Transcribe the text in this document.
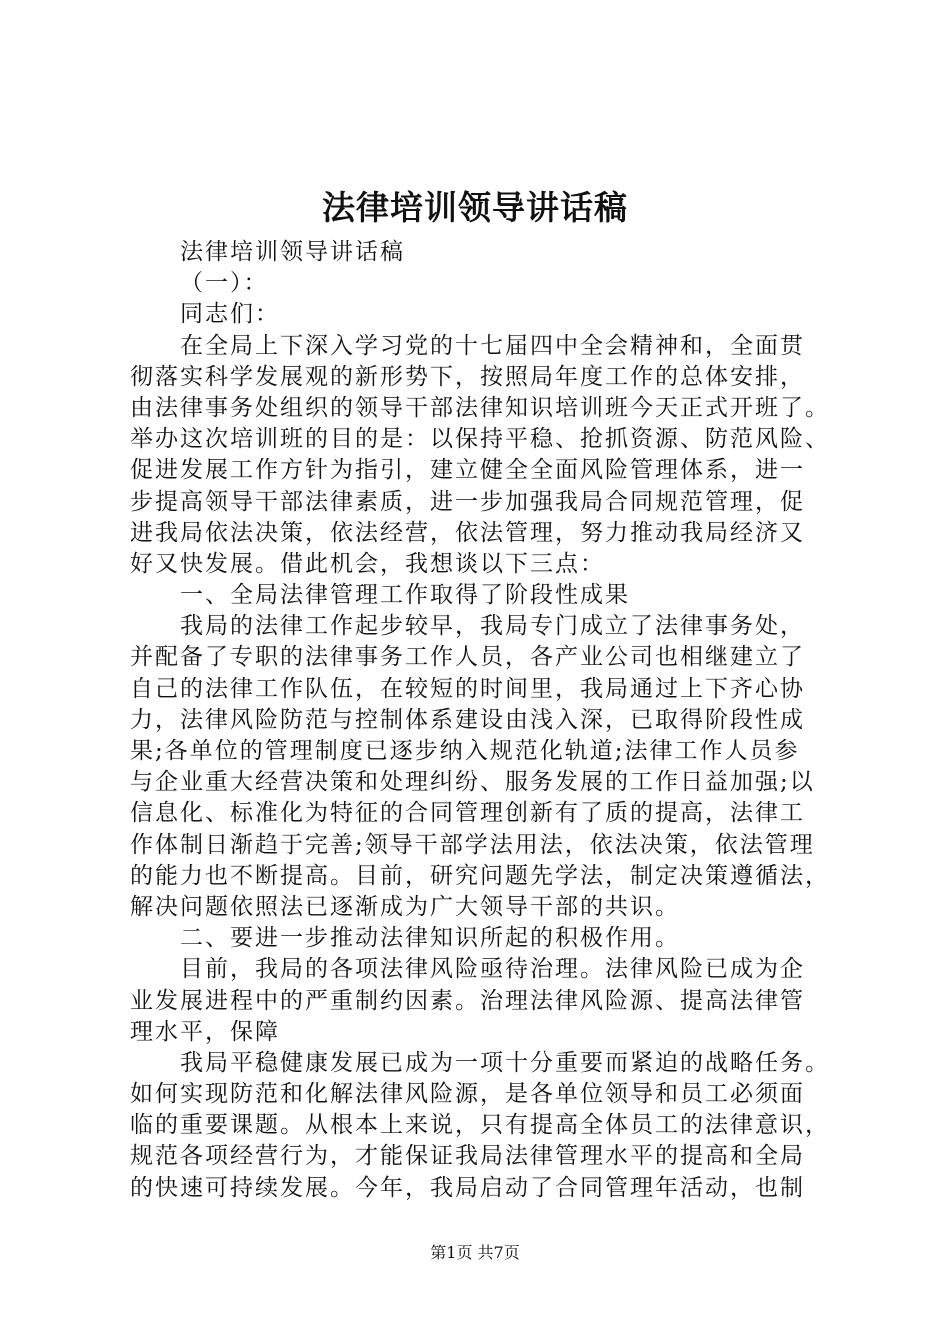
法律培训领导讲话稿
法律培训领导讲话稿
（一）：
同志们：
在全局上下深入学习党的十七届四中全会精神和，全面贯
彻落实科学发展观的新形势下，按照局年度工作的总体安排，
由法律事务处组织的领导干部法律知识培训班今天正式开班了。
举办这次培训班的目的是：以保持平稳、抢抓资源、防范风险、
促进发展工作方针为指引，建立健全全面风险管理体系，进一
步提高领导干部法律素质，进一步加强我局合同规范管理，促
进我局依法决策，依法经营，依法管理，努力推动我局经济又
好又快发展。借此机会，我想谈以下三点：
一、全局法律管理工作取得了阶段性成果
我局的法律工作起步较早，我局专门成立了法律事务处，
并配备了专职的法律事务工作人员，各产业公司也相继建立了
自己的法律工作队伍，在较短的时间里，我局通过上下齐心协
力，法律风险防范与控制体系建设由浅入深，已取得阶段性成
果;各单位的管理制度已逐步纳入规范化轨道;法律工作人员参
与企业重大经营决策和处理纠纷、服务发展的工作日益加强;以
信息化、标准化为特征的合同管理创新有了质的提高，法律工
作体制日渐趋于完善;领导干部学法用法，依法决策，依法管理
的能力也不断提高。目前，研究问题先学法，制定决策遵循法，
解决问题依照法已逐渐成为广大领导干部的共识。
二、要进一步推动法律知识所起的积极作用。
目前，我局的各项法律风险亟待治理。法律风险已成为企
业发展进程中的严重制约因素。治理法律风险源、提高法律管
理水平，保障
我局平稳健康发展已成为一项十分重要而紧迫的战略任务。
如何实现防范和化解法律风险源，是各单位领导和员工必须面
临的重要课题。从根本上来说，只有提高全体员工的法律意识，
规范各项经营行为，才能保证我局法律管理水平的提高和全局
的快速可持续发展。今年，我局启动了合同管理年活动，也制
第1页 共7页
